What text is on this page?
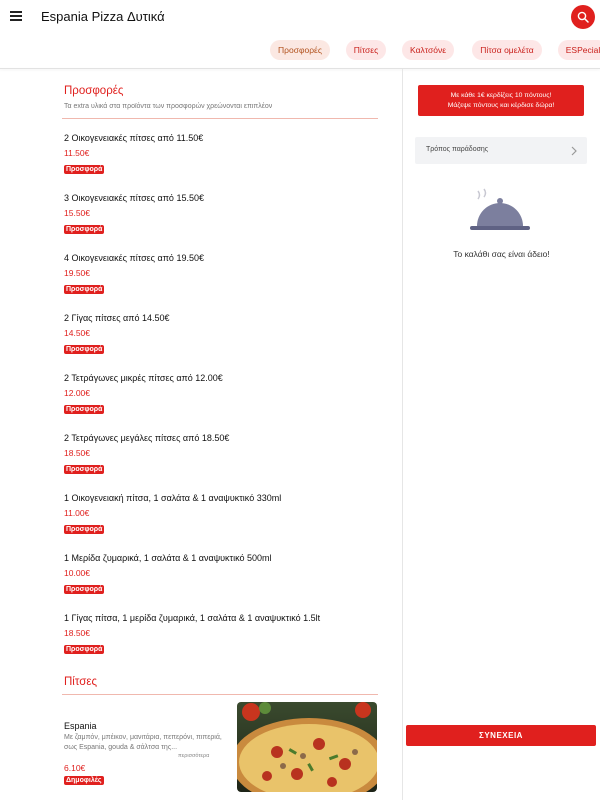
Espania Pizza Δυτικά
Προσφορές	Πίτσες	Καλτσόνε	Πίτσα ομελέτα	ESPecial
Προσφορές
Τα extra υλικά στα προϊόντα των προσφορών χρεώνονται επιπλέον
2 Οικογενειακές πίτσες από 11.50€
11.50€
Προσφορά
3 Οικογενειακές πίτσες από 15.50€
15.50€
Προσφορά
4 Οικογενειακές πίτσες από 19.50€
19.50€
Προσφορά
2 Γίγας πίτσες από 14.50€
14.50€
Προσφορά
2 Τετράγωνες μικρές πίτσες από 12.00€
12.00€
Προσφορά
2 Τετράγωνες μεγάλες πίτσες από 18.50€
18.50€
Προσφορά
1 Οικογενειακή πίτσα, 1 σαλάτα & 1 αναψυκτικό 330ml
11.00€
Προσφορά
1 Μερίδα ζυμαρικά, 1 σαλάτα & 1 αναψυκτικό 500ml
10.00€
Προσφορά
1 Γίγας πίτσα, 1 μερίδα ζυμαρικά, 1 σαλάτα & 1 αναψυκτικό 1.5lt
18.50€
Προσφορά
Πίτσες
Espania
Με ζαμπόν, μπέικον, μανιτάρια, πεπερόνι, πιπεριά, σως Espania, gouda & σάλτσα της...
περισσότερα
6.10€
Δημοφιλές
Με κάθε 1€ κερδίζεις 10 πόντους!
Μάζεψε πόντους και κέρδισε δώρα!
Τρόπος παράδοσης
Το καλάθι σας είναι άδειο!
ΣΥΝΕΧΕΙΑ
